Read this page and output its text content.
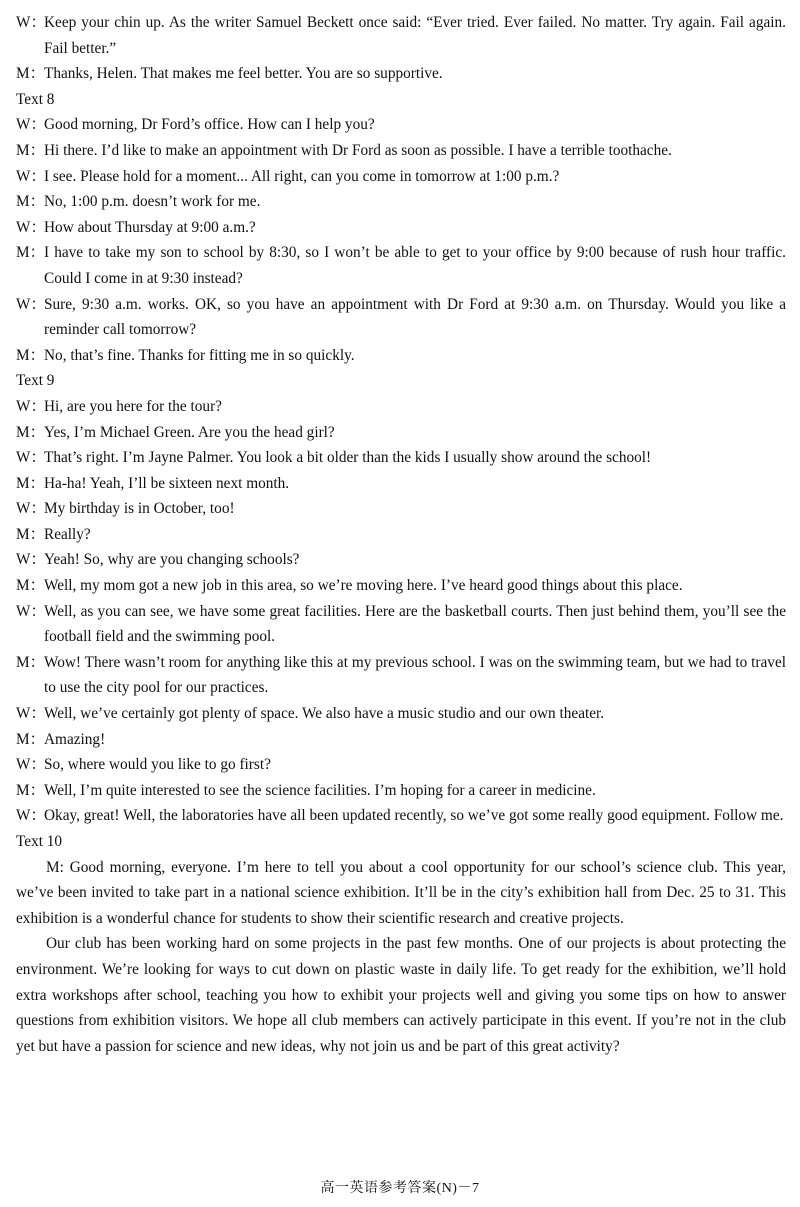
W：Keep your chin up. As the writer Samuel Beckett once said: “Ever tried. Ever failed. No matter. Try again. Fail again. Fail better.”
M：Thanks, Helen. That makes me feel better. You are so supportive.
Text 8
W：Good morning, Dr Ford’s office. How can I help you?
M：Hi there. I’d like to make an appointment with Dr Ford as soon as possible. I have a terrible toothache.
W：I see. Please hold for a moment... All right, can you come in tomorrow at 1:00 p.m.?
M：No, 1:00 p.m. doesn’t work for me.
W：How about Thursday at 9:00 a.m.?
M：I have to take my son to school by 8:30, so I won’t be able to get to your office by 9:00 because of rush hour traffic. Could I come in at 9:30 instead?
W：Sure, 9:30 a.m. works. OK, so you have an appointment with Dr Ford at 9:30 a.m. on Thursday. Would you like a reminder call tomorrow?
M：No, that’s fine. Thanks for fitting me in so quickly.
Text 9
W：Hi, are you here for the tour?
M：Yes, I’m Michael Green. Are you the head girl?
W：That’s right. I’m Jayne Palmer. You look a bit older than the kids I usually show around the school!
M：Ha-ha! Yeah, I’ll be sixteen next month.
W：My birthday is in October, too!
M：Really?
W：Yeah! So, why are you changing schools?
M：Well, my mom got a new job in this area, so we’re moving here. I’ve heard good things about this place.
W：Well, as you can see, we have some great facilities. Here are the basketball courts. Then just behind them, you’ll see the football field and the swimming pool.
M：Wow! There wasn’t room for anything like this at my previous school. I was on the swimming team, but we had to travel to use the city pool for our practices.
W：Well, we’ve certainly got plenty of space. We also have a music studio and our own theater.
M：Amazing!
W：So, where would you like to go first?
M：Well, I’m quite interested to see the science facilities. I’m hoping for a career in medicine.
W：Okay, great! Well, the laboratories have all been updated recently, so we’ve got some really good equipment. Follow me.
Text 10
M: Good morning, everyone. I’m here to tell you about a cool opportunity for our school’s science club. This year, we’ve been invited to take part in a national science exhibition. It’ll be in the city’s exhibition hall from Dec. 25 to 31. This exhibition is a wonderful chance for students to show their scientific research and creative projects.
Our club has been working hard on some projects in the past few months. One of our projects is about protecting the environment. We’re looking for ways to cut down on plastic waste in daily life. To get ready for the exhibition, we’ll hold extra workshops after school, teaching you how to exhibit your projects well and giving you some tips on how to answer questions from exhibition visitors. We hope all club members can actively participate in this event. If you’re not in the club yet but have a passion for science and new ideas, why not join us and be part of this great activity?
高一英语参考答案(N)－7
